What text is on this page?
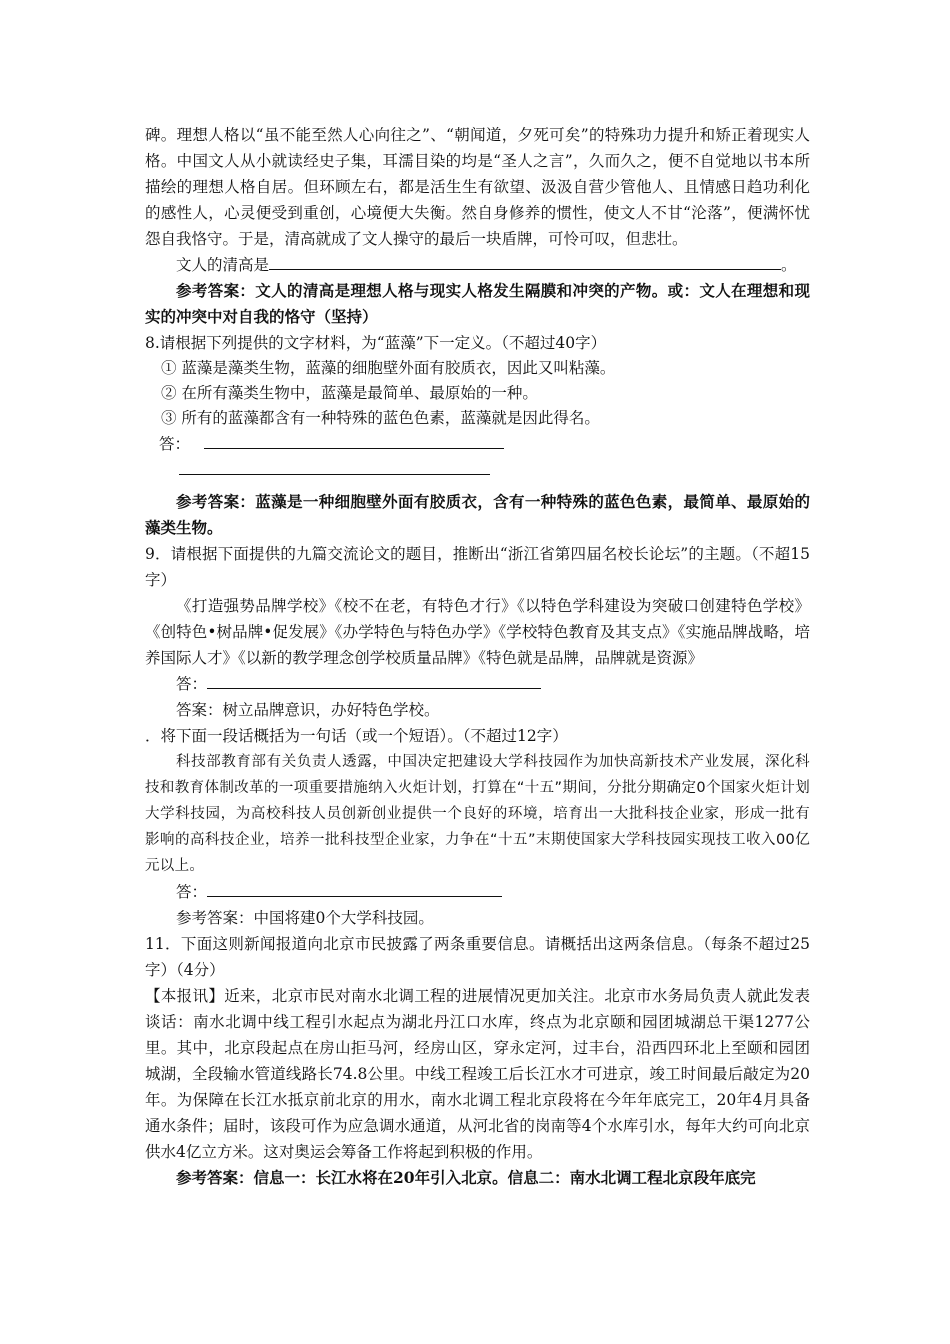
碑。理想人格以“虽不能至然人心向往之”、“朝闻道，夕死可矣”的特殊功力提升和矫正着现实人格。中国文人从小就读经史子集，耳濡目染的均是“圣人之言”，久而久之，便不自觉地以书本所描绘的理想人格自居。但环顾左右，都是活生生有欲望、汲汲自营少管他人、且情感日趋功利化的感性人，心灵便受到重创，心境便大失衡。然自身修养的惯性，使文人不甘“沦落”，便满怀忧怨自我恪守。于是，清高就成了文人操守的最后一块盾牌，可怜可叹，但悲壮。

文人的清高是	。

参考答案：文人的清高是理想人格与现实人格发生隔膜和冲突的产物。或：文人在理想和现实的冲突中对自我的恪守（坚持）

8.请根据下列提供的文字材料，为“蓝藻”下一定义。（不超过40字）

① 蓝藻是藻类生物，蓝藻的细胞壁外面有胶质衣，因此又叫粘藻。

② 在所有藻类生物中，蓝藻是最简单、最原始的一种。

③ 所有的蓝藻都含有一种特殊的蓝色色素，蓝藻就是因此得名。

答：

参考答案：蓝藻是一种细胞壁外面有胶质衣，含有一种特殊的蓝色色素，最简单、最原始的藻类生物。

9．请根据下面提供的九篇交流论文的题目，推断出“浙江省第四届名校长论坛”的主题。（不超15字）

《打造强势品牌学校》《校不在老，有特色才行》《以特色学科建设为突破口创建特色学校》《创特色•树品牌•促发展》《办学特色与特色办学》《学校特色教育及其支点》《实施品牌战略，培养国际人才》《以新的教学理念创学校质量品牌》《特色就是品牌，品牌就是资源》

答：

答案：树立品牌意识，办好特色学校。

．将下面一段话概括为一句话（或一个短语）。（不超过12字）

科技部教育部有关负责人透露，中国决定把建设大学科技园作为加快高新技术产业发展，深化科技和教育体制改革的一项重要措施纳入火炬计划，打算在“十五”期间，分批分期确定0个国家火炬计划大学科技园，为高校科技人员创新创业提供一个良好的环境，培育出一大批科技企业家，形成一批有影响的高科技企业，培养一批科技型企业家，力争在“十五”末期使国家大学科技园实现技工收入00亿元以上。

答：

参考答案：中国将建0个大学科技园。

11．下面这则新闻报道向北京市民披露了两条重要信息。请概括出这两条信息。（每条不超过25字）（4分）

【本报讯】近来，北京市民对南水北调工程的进展情况更加关注。北京市水务局负责人就此发表谈话：南水北调中线工程引水起点为湖北丹江口水库，终点为北京颐和园团城湖总干渠1277公里。其中，北京段起点在房山拒马河，经房山区，穿永定河，过丰台，沿西四环北上至颐和园团城湖，全段输水管道线路长74.8公里。中线工程竣工后长江水才可进京，竣工时间最后敲定为20年。为保障在长江水抵京前北京的用水，南水北调工程北京段将在今年年底完工，20年4月具备通水条件；届时，该段可作为应急调水通道，从河北省的岗南等4个水库引水，每年大约可向北京供水4亿立方米。这对奥运会筹备工作将起到积极的作用。

参考答案：信息一：长江水将在20年引入北京。信息二：南水北调工程北京段年底完
